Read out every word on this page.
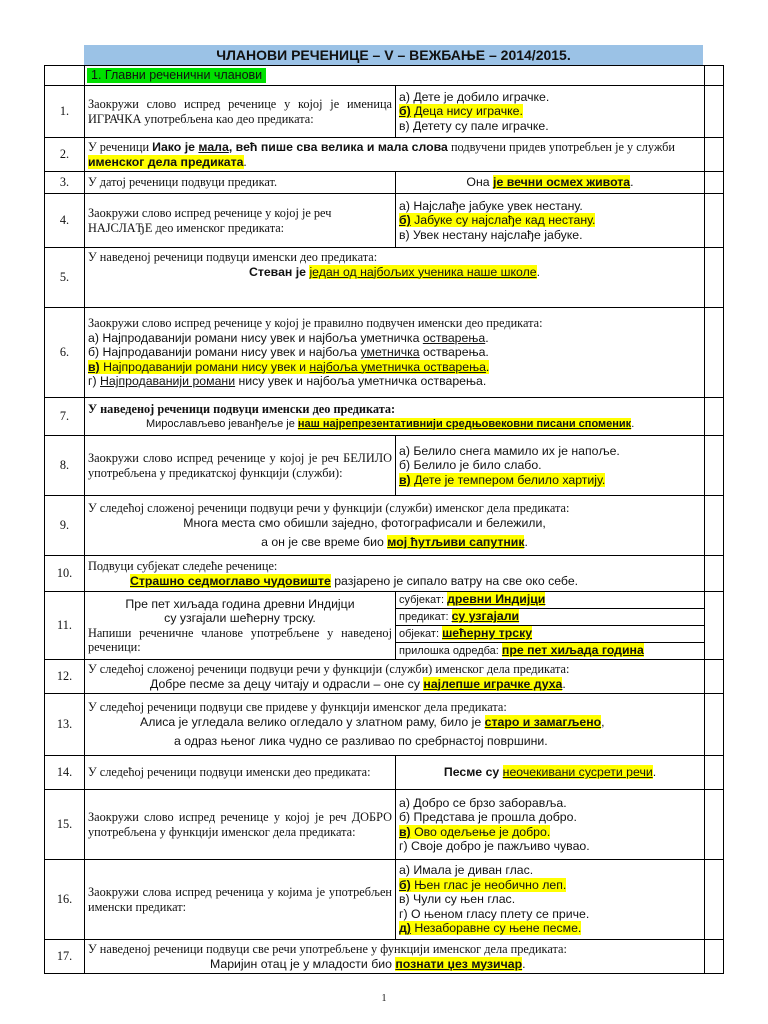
ЧЛАНОВИ РЕЧЕНИЦЕ – V – ВЕЖБАЊЕ – 2014/2015.
	1. Главни реченични чланови	
1.	Заокружи слово испред реченице у којој је именица ИГРАЧКА употребљена као део предиката:	
а) Дете је добило играчке.
б) Деца нису играчке.
в) Детету су пале играчке.

2.	У реченици Иако је мала, већ пише сва велика и мала слова подвучени придев употребљен је у служби именског дела предиката.	
3.	У датој реченици подвуци предикат.	Она је вечни осмех живота.	
4.	Заокружи слово испред реченице у којој је реч НАЈСЛАЂЕ део именског предиката:	
а) Најслађе јабуке увек нестану.
б) Јабуке су најслађе кад нестану.
в) Увек нестану најслађе јабуке.

5.	
У наведеној реченици подвуци именски део предиката:
Стеван је један од најбољих ученика наше школе.

6.	
Заокружи слово испред реченице у којој је правилно подвучен именски део предиката:
а) Најпродаванији романи нису увек и најбоља уметничка остварења.
б) Најпродаванији романи нису увек и најбоља уметничка остварења.
в) Најпродаванији романи нису увек и најбоља уметничка остварења.
г) Најпродаванији романи нису увек и најбоља уметничка остварења.

7.	
У наведеној реченици подвуци именски део предиката:
Мирослављево јеванђеље је наш најрепрезентативнији средњовековни писани споменик.

8.	Заокружи слово испред реченице у којој је реч БЕЛИЛО употребљена у предикатској функцији (служби):	
а) Белило снега мамило их је напоље.
б) Белило је било слабо.
в) Дете је темпером белило хартију.

9.	
У следећој сложеној реченици подвуци речи у функцији (служби) именског дела предиката:
Многа места смо обишли заједно, фотографисали и бележили,
а он је све време био мој ћутљиви сапутник.

10.	
Подвуци субјекат следеће реченице:
Страшно седмоглаво чудовиште разјарено је сипало ватру на све око себе.

11.	
Пре пет хиљада година древни Индијци
су узгајали шећерну трску.
Напиши реченичне чланове употребљене у наведеној реченици:

субјекат: древни Индијци
предикат: су узгајали
објекат: шећерну трску
прилошка одредба: пре пет хиљада година

12.	
У следећој сложеној реченици подвуци речи у функцији (служби) именског дела предиката:
Добре песме за децу читају и одрасли – оне су најлепше играчке духа.

13.	
У следећој реченици подвуци све придеве у функцији именског дела предиката:
Алиса је угледала велико огледало у златном раму, било је старо и замагљено,
а одраз њеног лика чудно се разливао по сребрнастој површини.

14.	У следећој реченици подвуци именски део предиката:	Песме су неочекивани сусрети речи.	
15.	Заокружи слово испред реченице у којој је реч ДОБРО употребљена у функцији именског дела предиката:	
а) Добро се брзо заборавља.
б) Представа је прошла добро.
в) Ово одељење је добро.
г) Своје добро је пажљиво чувао.

16.	Заокружи слова испред реченица у којима је употребљен именски предикат:	
а) Имала је диван глас.
б) Њен глас је необично леп.
в) Чули су њен глас.
г) О њеном гласу плету се приче.
д) Незаборавне су њене песме.

17.	
У наведеној реченици подвуци све речи употребљене у функцији именског дела предиката:
Маријин отац је у младости био познати џез музичар.

1
